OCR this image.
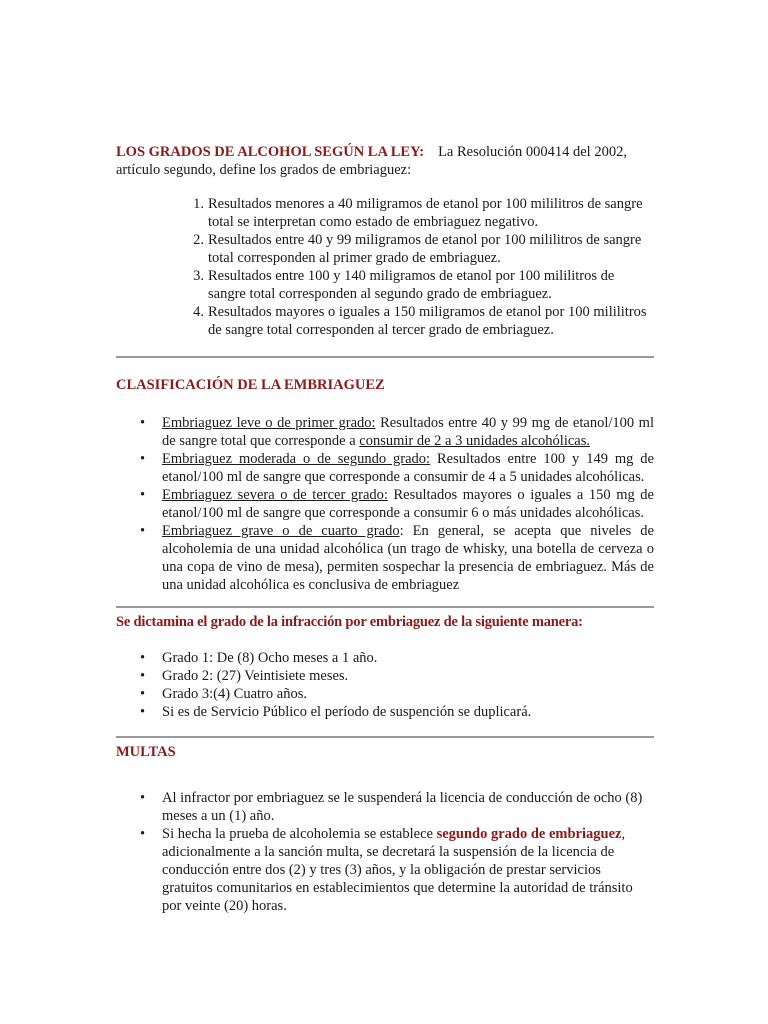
LOS GRADOS DE ALCOHOL SEGÚN LA LEY: La Resolución 000414 del 2002, artículo segundo, define los grados de embriaguez:

1. Resultados menores a 40 miligramos de etanol por 100 mililitros de sangre total se interpretan como estado de embriaguez negativo.
2. Resultados entre 40 y 99 miligramos de etanol por 100 mililitros de sangre total corresponden al primer grado de embriaguez.
3. Resultados entre 100 y 140 miligramos de etanol por 100 mililitros de sangre total corresponden al segundo grado de embriaguez.
4. Resultados mayores o iguales a 150 miligramos de etanol por 100 mililitros de sangre total corresponden al tercer grado de embriaguez.

CLASIFICACIÓN DE LA EMBRIAGUEZ

• Embriaguez leve o de primer grado: Resultados entre 40 y 99 mg de etanol/100 ml de sangre total que corresponde a consumir de 2 a 3 unidades alcohólicas.
• Embriaguez moderada o de segundo grado: Resultados entre 100 y 149 mg de etanol/100 ml de sangre que corresponde a consumir de 4 a 5 unidades alcohólicas.
• Embriaguez severa o de tercer grado: Resultados mayores o iguales a 150 mg de etanol/100 ml de sangre que corresponde a consumir 6 o más unidades alcohólicas.
• Embriaguez grave o de cuarto grado: En general, se acepta que niveles de alcoholemia de una unidad alcohólica (un trago de whisky, una botella de cerveza o una copa de vino de mesa), permiten sospechar la presencia de embriaguez. Más de una unidad alcohólica es conclusiva de embriaguez

Se dictamina el grado de la infracción por embriaguez de la siguiente manera:

• Grado 1: De (8) Ocho meses a 1 año.
• Grado 2: (27) Veintisiete meses.
• Grado 3:(4) Cuatro años.
• Si es de Servicio Público el período de suspención se duplicará.

MULTAS

• Al infractor por embriaguez se le suspenderá la licencia de conducción de ocho (8) meses a un (1) año.
• Si hecha la prueba de alcoholemia se establece segundo grado de embriaguez, adicionalmente a la sanción multa, se decretará la suspensión de la licencia de conducción entre dos (2) y tres (3) años, y la obligación de prestar servicios gratuitos comunitarios en establecimientos que determine la autoridad de tránsito por veinte (20) horas.
